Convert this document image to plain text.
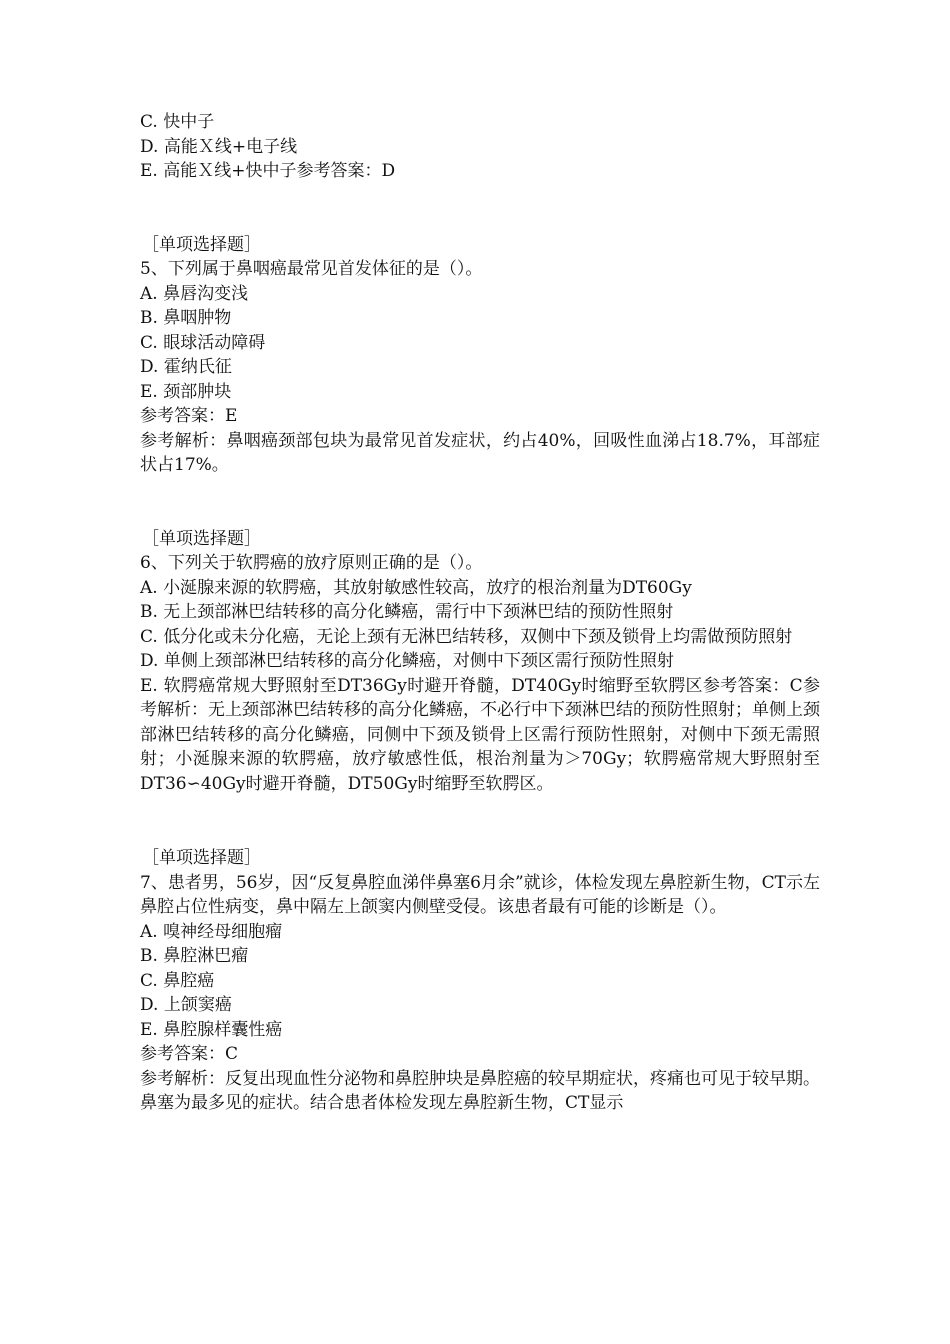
C. 快中子

D. 高能Ｘ线+电子线

E. 高能Ｘ线+快中子参考答案：D

［单项选择题］

5、下列属于鼻咽癌最常见首发体征的是（）。

A. 鼻唇沟变浅

B. 鼻咽肿物

C. 眼球活动障碍

D. 霍纳氏征

E. 颈部肿块

参考答案：E

参考解析：鼻咽癌颈部包块为最常见首发症状，约占40%，回吸性血涕占18.7%，耳部症状占17%。

［单项选择题］

6、下列关于软腭癌的放疗原则正确的是（）。

A. 小涎腺来源的软腭癌，其放射敏感性较高，放疗的根治剂量为DT60Gy

B. 无上颈部淋巴结转移的高分化鳞癌，需行中下颈淋巴结的预防性照射

C. 低分化或未分化癌，无论上颈有无淋巴结转移，双侧中下颈及锁骨上均需做预防照射

D. 单侧上颈部淋巴结转移的高分化鳞癌，对侧中下颈区需行预防性照射

E. 软腭癌常规大野照射至DT36Gy时避开脊髓，DT40Gy时缩野至软腭区参考答案：C参考解析：无上颈部淋巴结转移的高分化鳞癌，不必行中下颈淋巴结的预防性照射；单侧上颈部淋巴结转移的高分化鳞癌，同侧中下颈及锁骨上区需行预防性照射，对侧中下颈无需照射；小涎腺来源的软腭癌，放疗敏感性低，根治剂量为＞70Gy；软腭癌常规大野照射至DT36∽40Gy时避开脊髓，DT50Gy时缩野至软腭区。

［单项选择题］

7、患者男，56岁，因“反复鼻腔血涕伴鼻塞6月余”就诊，体检发现左鼻腔新生物，CT示左鼻腔占位性病变，鼻中隔左上颌窦内侧壁受侵。该患者最有可能的诊断是（）。

A. 嗅神经母细胞瘤

B. 鼻腔淋巴瘤

C. 鼻腔癌

D. 上颌窦癌

E. 鼻腔腺样囊性癌

参考答案：C

参考解析：反复出现血性分泌物和鼻腔肿块是鼻腔癌的较早期症状，疼痛也可见于较早期。鼻塞为最多见的症状。结合患者体检发现左鼻腔新生物，CT显示
